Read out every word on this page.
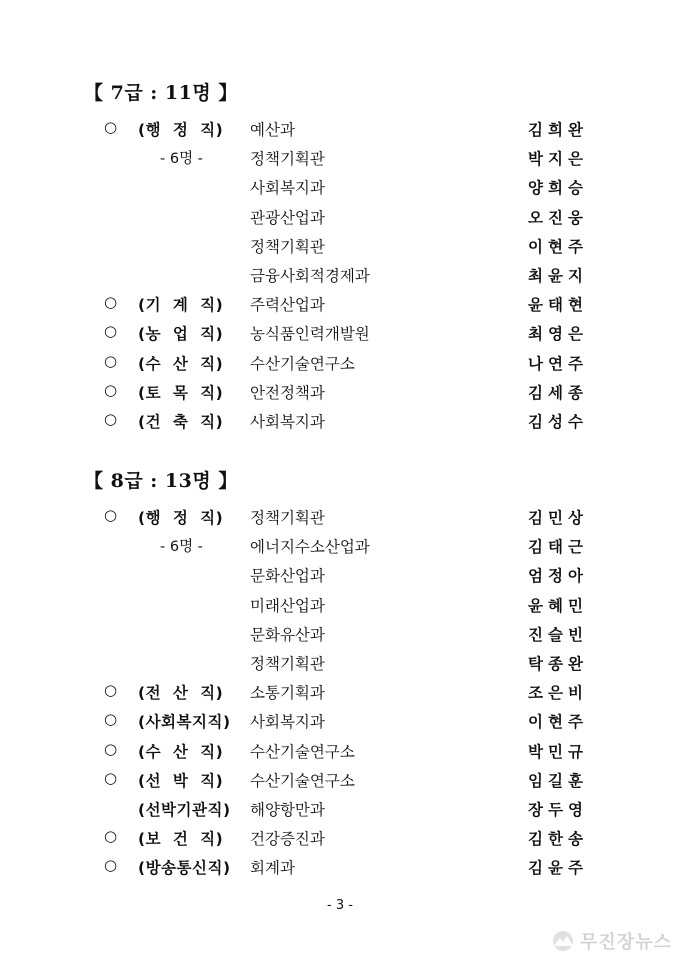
【 7급 : 11명 】
○ (행  정  직) 예산과	김희완
- 6명 -	정책기획관	박지은
사회복지과	양희승
관광산업과	오진웅
정책기획관	이현주
금융사회적경제과	최윤지
○ (기  계  직) 주력산업과	윤태현
○ (농  업  직) 농식품인력개발원	최영은
○ (수  산  직) 수산기술연구소	나연주
○ (토  목  직) 안전정책과	김세종
○ (건  축  직) 사회복지과	김성수
【 8급 : 13명 】
○ (행  정  직) 정책기획관	김민상
- 6명 -	에너지수소산업과	김태근
문화산업과	엄정아
미래산업과	윤혜민
문화유산과	진슬빈
정책기획관	탁종완
○ (전  산  직) 소통기획과	조은비
○ (사회복지직) 사회복지과	이현주
○ (수  산  직) 수산기술연구소	박민규
○ (선  박  직) 수산기술연구소	임길훈
(선박기관직) 해양항만과	장두영
○ (보  건  직) 건강증진과	김한송
○ (방송통신직) 회계과	김윤주
- 3 -
무진장뉴스
